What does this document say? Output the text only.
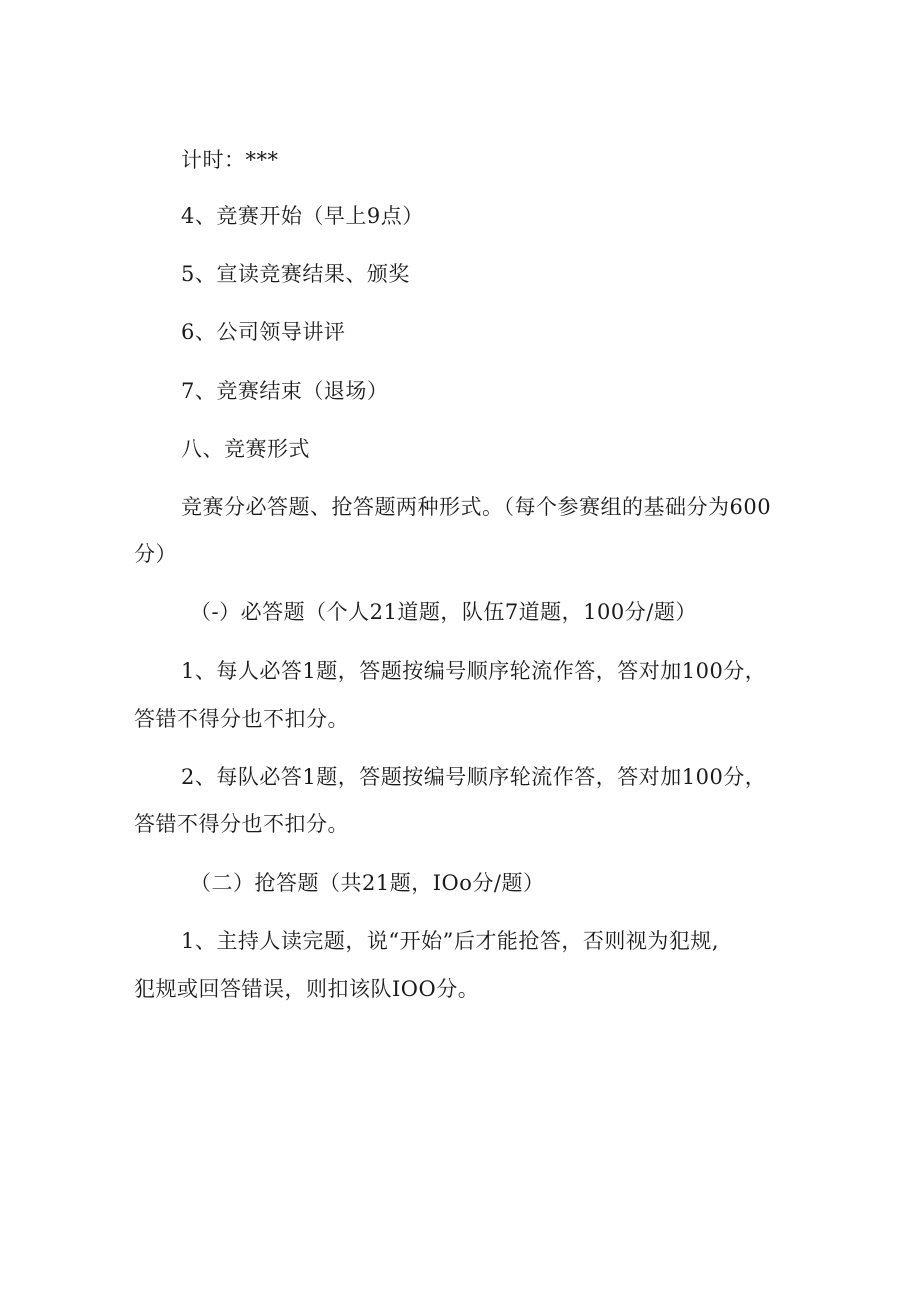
计时：***
4、竞赛开始（早上9点）
5、宣读竞赛结果、颁奖
6、公司领导讲评
7、竞赛结束（退场）
八、竞赛形式
竞赛分必答题、抢答题两种形式。（每个参赛组的基础分为600
分）
（-）必答题（个人21道题，队伍7道题，100分/题）
1、每人必答1题，答题按编号顺序轮流作答，答对加100分，
答错不得分也不扣分。
2、每队必答1题，答题按编号顺序轮流作答，答对加100分，
答错不得分也不扣分。
（二）抢答题（共21题，IOo分/题）
1、主持人读完题，说“开始”后才能抢答，否则视为犯规,
犯规或回答错误，则扣该队IOO分。
